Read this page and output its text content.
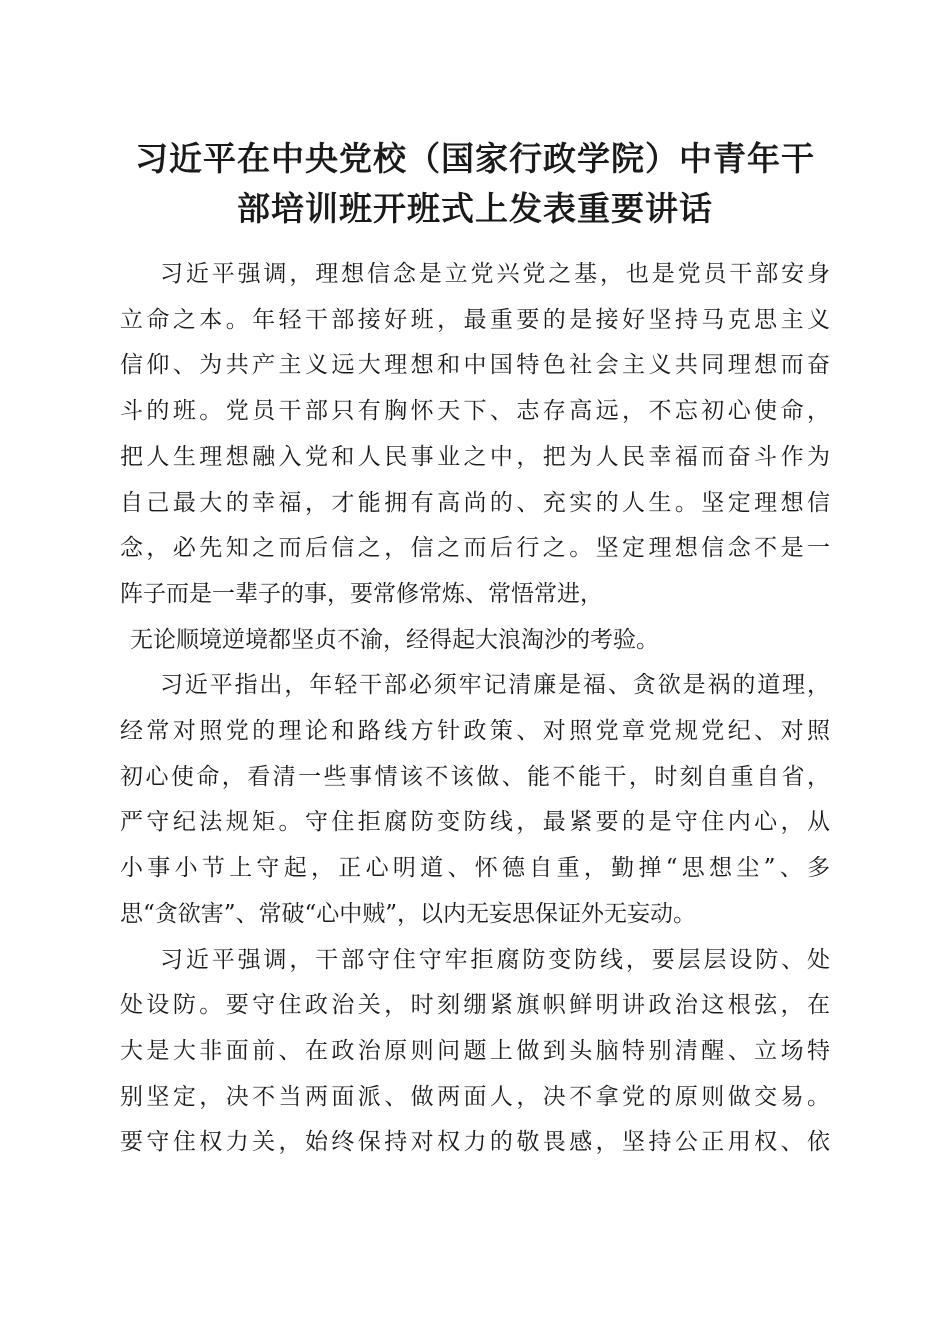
习近平在中央党校（国家行政学院）中青年干
部培训班开班式上发表重要讲话
习近平强调，理想信念是立党兴党之基，也是党员干部安身
立命之本。年轻干部接好班，最重要的是接好坚持马克思主义
信仰、为共产主义远大理想和中国特色社会主义共同理想而奋
斗的班。党员干部只有胸怀天下、志存高远，不忘初心使命，
把人生理想融入党和人民事业之中，把为人民幸福而奋斗作为
自己最大的幸福，才能拥有高尚的、充实的人生。坚定理想信
念，必先知之而后信之，信之而后行之。坚定理想信念不是一
阵子而是一辈子的事，要常修常炼、常悟常进，
无论顺境逆境都坚贞不渝，经得起大浪淘沙的考验。
习近平指出，年轻干部必须牢记清廉是福、贪欲是祸的道理，
经常对照党的理论和路线方针政策、对照党章党规党纪、对照
初心使命，看清一些事情该不该做、能不能干，时刻自重自省，
严守纪法规矩。守住拒腐防变防线，最紧要的是守住内心，从
小事小节上守起，正心明道、怀德自重，勤掸“思想尘”、多
思“贪欲害”、常破“心中贼”，以内无妄思保证外无妄动。
习近平强调，干部守住守牢拒腐防变防线，要层层设防、处
处设防。要守住政治关，时刻绷紧旗帜鲜明讲政治这根弦，在
大是大非面前、在政治原则问题上做到头脑特别清醒、立场特
别坚定，决不当两面派、做两面人，决不拿党的原则做交易。
要守住权力关，始终保持对权力的敬畏感，坚持公正用权、依
